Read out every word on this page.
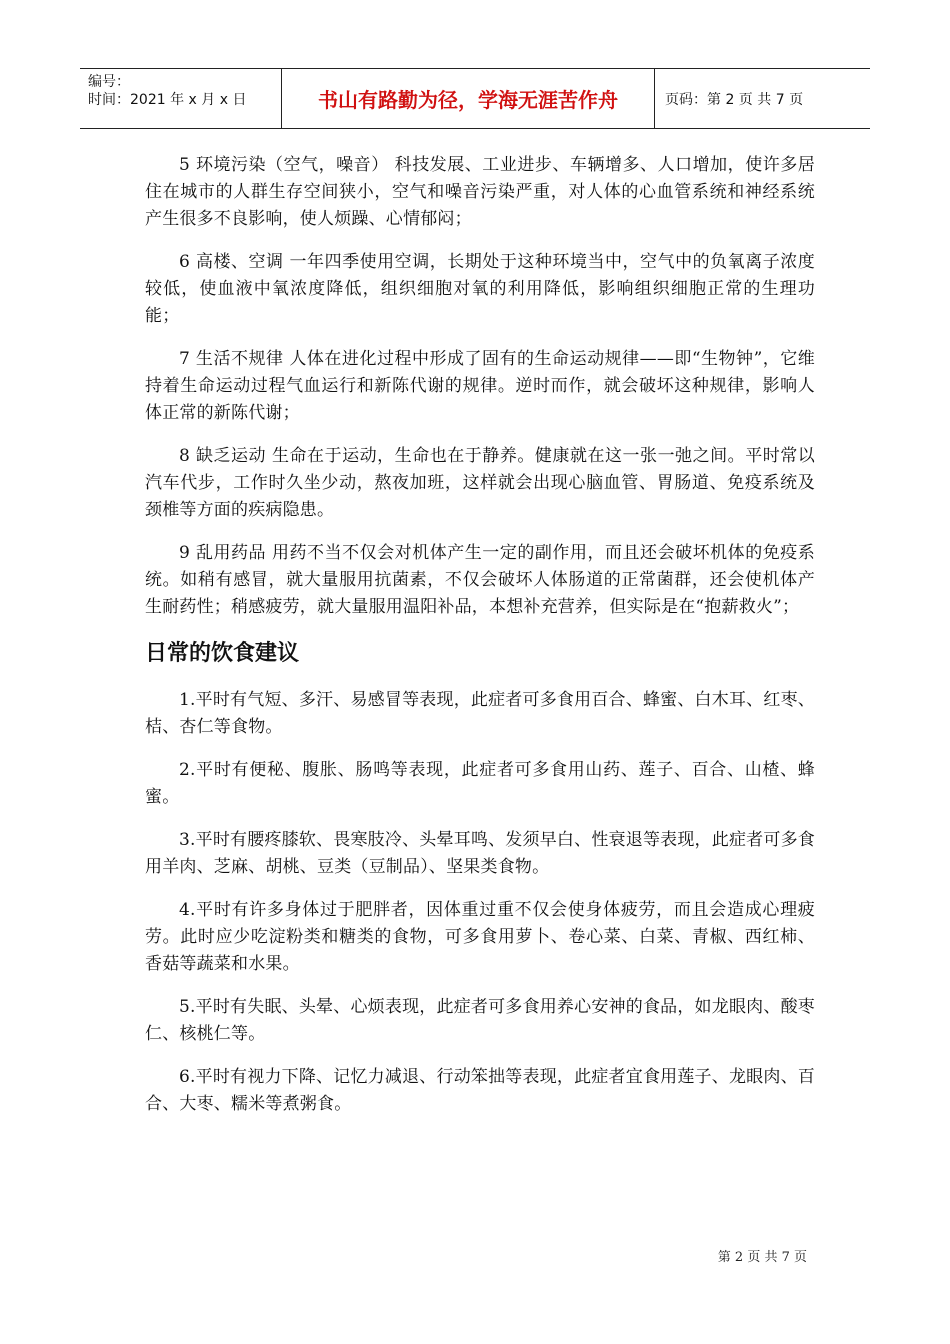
编号：
时间：2021 年 x 月 x 日	书山有路勤为径，学海无涯苦作舟	页码：第 2 页 共 7 页

5 环境污染（空气，噪音） 科技发展、工业进步、车辆增多、人口增加，使许多居住在城市的人群生存空间狭小，空气和噪音污染严重，对人体的心血管系统和神经系统产生很多不良影响，使人烦躁、心情郁闷；

6 高楼、空调 一年四季使用空调，长期处于这种环境当中，空气中的负氧离子浓度较低，使血液中氧浓度降低，组织细胞对氧的利用降低，影响组织细胞正常的生理功能；

7 生活不规律 人体在进化过程中形成了固有的生命运动规律——即“生物钟”，它维持着生命运动过程气血运行和新陈代谢的规律。逆时而作，就会破坏这种规律，影响人体正常的新陈代谢；

8 缺乏运动 生命在于运动，生命也在于静养。健康就在这一张一弛之间。平时常以汽车代步，工作时久坐少动，熬夜加班，这样就会出现心脑血管、胃肠道、免疫系统及颈椎等方面的疾病隐患。

9 乱用药品 用药不当不仅会对机体产生一定的副作用，而且还会破坏机体的免疫系统。如稍有感冒，就大量服用抗菌素，不仅会破坏人体肠道的正常菌群，还会使机体产生耐药性；稍感疲劳，就大量服用温阳补品，本想补充营养，但实际是在“抱薪救火”；

日常的饮食建议

1.平时有气短、多汗、易感冒等表现，此症者可多食用百合、蜂蜜、白木耳、红枣、桔、杏仁等食物。

2.平时有便秘、腹胀、肠鸣等表现，此症者可多食用山药、莲子、百合、山楂、蜂蜜。

3.平时有腰疼膝软、畏寒肢冷、头晕耳鸣、发须早白、性衰退等表现，此症者可多食用羊肉、芝麻、胡桃、豆类（豆制品）、坚果类食物。

4.平时有许多身体过于肥胖者，因体重过重不仅会使身体疲劳，而且会造成心理疲劳。此时应少吃淀粉类和糖类的食物，可多食用萝卜、卷心菜、白菜、青椒、西红柿、香菇等蔬菜和水果。

5.平时有失眠、头晕、心烦表现，此症者可多食用养心安神的食品，如龙眼肉、酸枣仁、核桃仁等。

6.平时有视力下降、记忆力减退、行动笨拙等表现，此症者宜食用莲子、龙眼肉、百合、大枣、糯米等煮粥食。

第 2 页 共 7 页
